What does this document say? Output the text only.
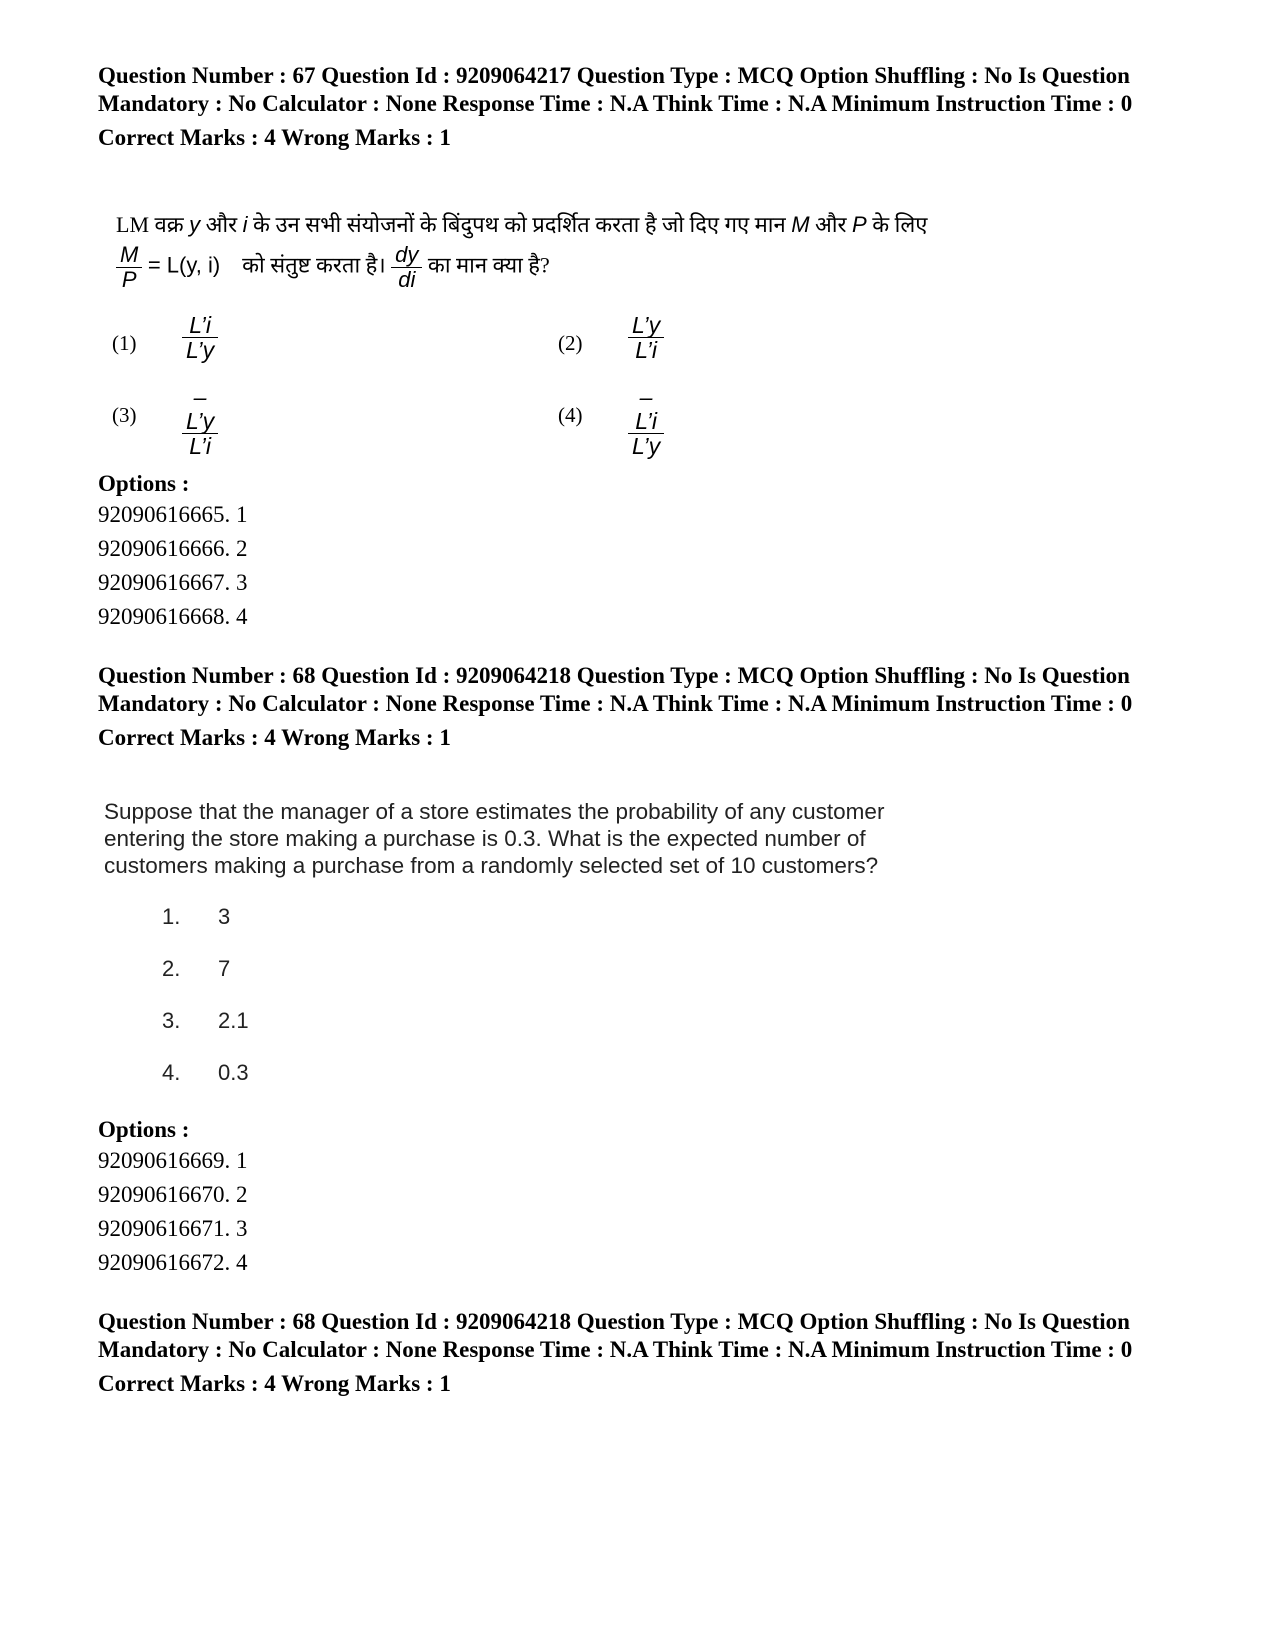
Question Number : 67 Question Id : 9209064217 Question Type : MCQ Option Shuffling : No Is Question Mandatory : No Calculator : None Response Time : N.A Think Time : N.A Minimum Instruction Time : 0

Correct Marks : 4 Wrong Marks : 1
LM वक्र y और i के उन सभी संयोजनों के बिंदुपथ को प्रदर्शित करता है जो दिए गए मान M और P के लिए
$\frac{M}{P} = L(y$, i) को संतुष्ट करता है। $\frac{dy}{di}$ का मान क्या है?
$(1) \frac{L’i}{L’y}$	$(2) \frac{L’y}{L’i}$
$(3) \frac{-L’y}{L’i}$	$(4) \frac{-L’i}{L’y}$
Options :
92090616665. 1
92090616666. 2
92090616667. 3
92090616668. 4

Question Number : 68 Question Id : 9209064218 Question Type : MCQ Option Shuffling : No Is Question Mandatory : No Calculator : None Response Time : N.A Think Time : N.A Minimum Instruction Time : 0

Correct Marks : 4 Wrong Marks : 1
Suppose that the manager of a store estimates the probability of any customer entering the store making a purchase is 0.3. What is the expected number of customers making a purchase from a randomly selected set of 10 customers?
1. 3
2. 7
3. 2.1
4. 0.3
Options :
92090616669. 1
92090616670. 2
92090616671. 3
92090616672. 4

Question Number : 68 Question Id : 9209064218 Question Type : MCQ Option Shuffling : No Is Question Mandatory : No Calculator : None Response Time : N.A Think Time : N.A Minimum Instruction Time : 0

Correct Marks : 4 Wrong Marks : 1
